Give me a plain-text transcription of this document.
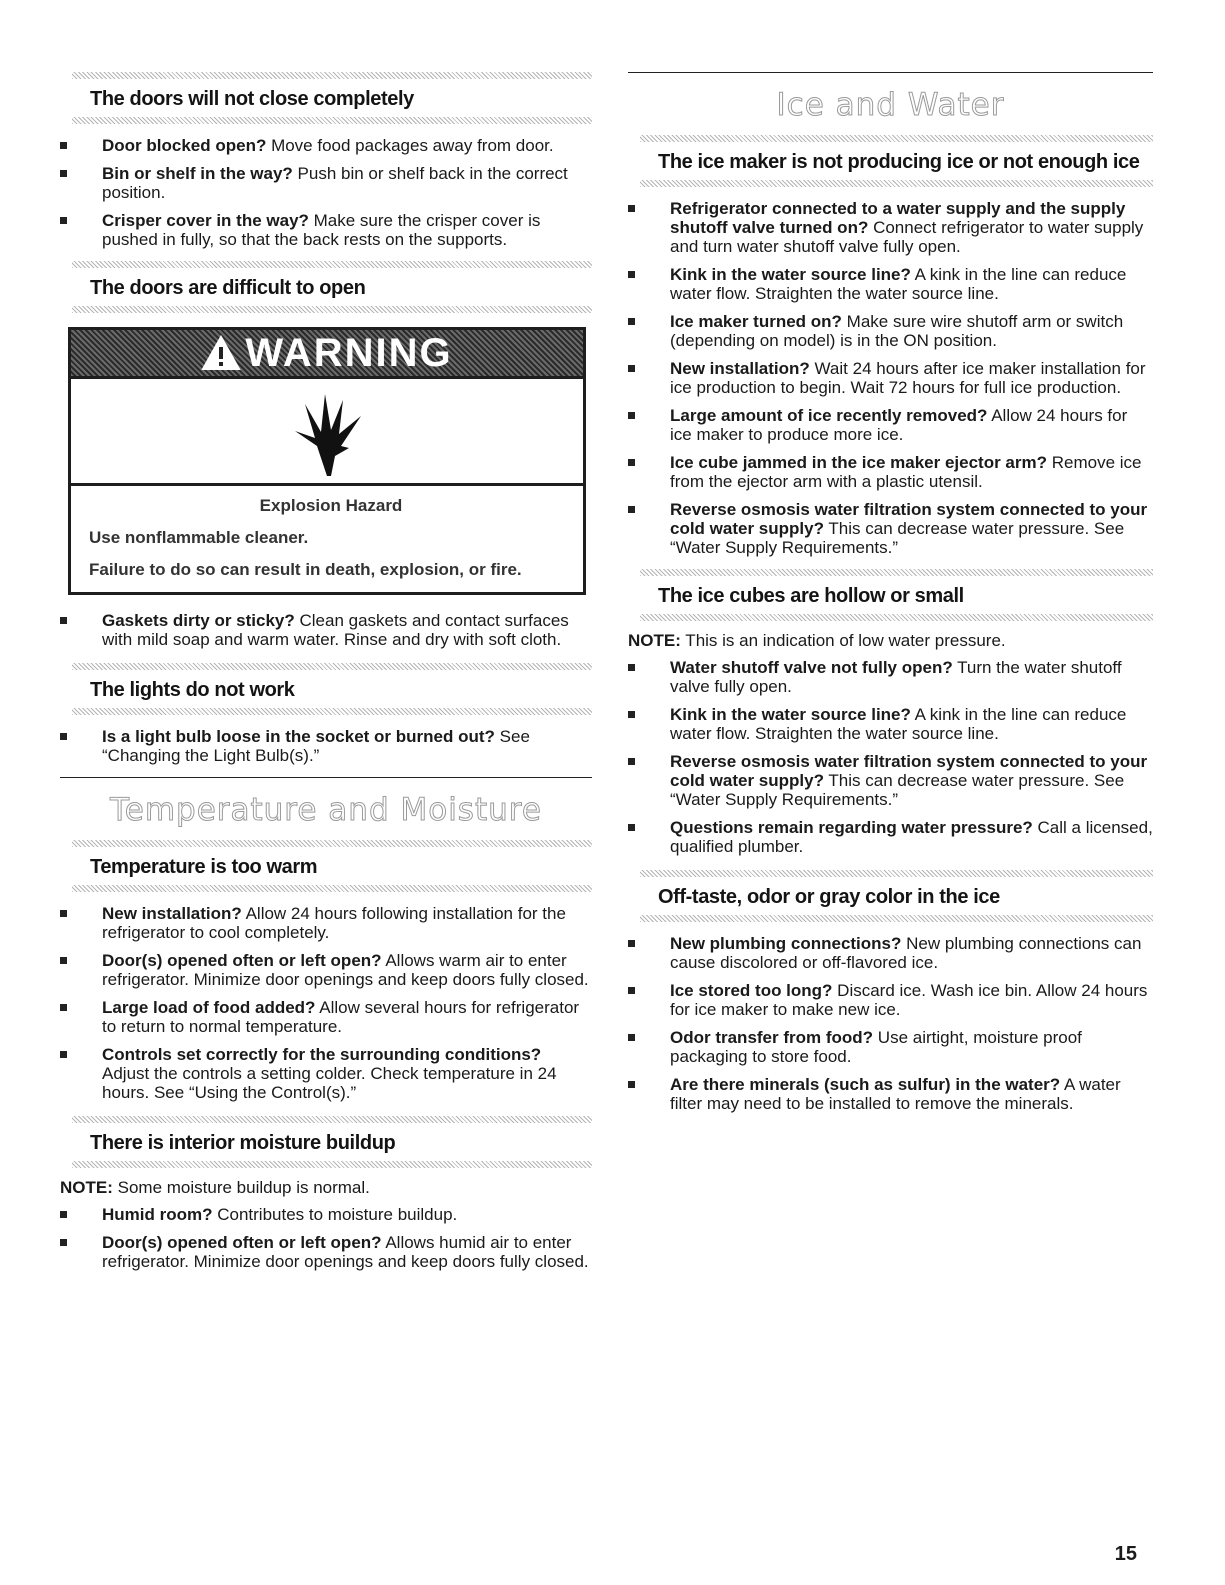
The doors will not close completely
Door blocked open? Move food packages away from door.
Bin or shelf in the way? Push bin or shelf back in the correct position.
Crisper cover in the way? Make sure the crisper cover is pushed in fully, so that the back rests on the supports.
The doors are difficult to open
WARNING
Explosion Hazard
Use nonflammable cleaner.
Failure to do so can result in death, explosion, or fire.
Gaskets dirty or sticky? Clean gaskets and contact surfaces with mild soap and warm water. Rinse and dry with soft cloth.
The lights do not work
Is a light bulb loose in the socket or burned out? See “Changing the Light Bulb(s).”
Temperature and Moisture
Temperature is too warm
New installation? Allow 24 hours following installation for the refrigerator to cool completely.
Door(s) opened often or left open? Allows warm air to enter refrigerator. Minimize door openings and keep doors fully closed.
Large load of food added? Allow several hours for refrigerator to return to normal temperature.
Controls set correctly for the surrounding conditions? Adjust the controls a setting colder. Check temperature in 24 hours. See “Using the Control(s).”
There is interior moisture buildup
NOTE: Some moisture buildup is normal.
Humid room? Contributes to moisture buildup.
Door(s) opened often or left open? Allows humid air to enter refrigerator. Minimize door openings and keep doors fully closed.
Ice and Water
The ice maker is not producing ice or not enough ice
Refrigerator connected to a water supply and the supply shutoff valve turned on? Connect refrigerator to water supply and turn water shutoff valve fully open.
Kink in the water source line? A kink in the line can reduce water flow. Straighten the water source line.
Ice maker turned on? Make sure wire shutoff arm or switch (depending on model) is in the ON position.
New installation? Wait 24 hours after ice maker installation for ice production to begin. Wait 72 hours for full ice production.
Large amount of ice recently removed? Allow 24 hours for ice maker to produce more ice.
Ice cube jammed in the ice maker ejector arm? Remove ice from the ejector arm with a plastic utensil.
Reverse osmosis water filtration system connected to your cold water supply? This can decrease water pressure. See “Water Supply Requirements.”
The ice cubes are hollow or small
NOTE: This is an indication of low water pressure.
Water shutoff valve not fully open? Turn the water shutoff valve fully open.
Kink in the water source line? A kink in the line can reduce water flow. Straighten the water source line.
Reverse osmosis water filtration system connected to your cold water supply? This can decrease water pressure. See “Water Supply Requirements.”
Questions remain regarding water pressure? Call a licensed, qualified plumber.
Off-taste, odor or gray color in the ice
New plumbing connections? New plumbing connections can cause discolored or off-flavored ice.
Ice stored too long? Discard ice. Wash ice bin. Allow 24 hours for ice maker to make new ice.
Odor transfer from food? Use airtight, moisture proof packaging to store food.
Are there minerals (such as sulfur) in the water? A water filter may need to be installed to remove the minerals.
15
